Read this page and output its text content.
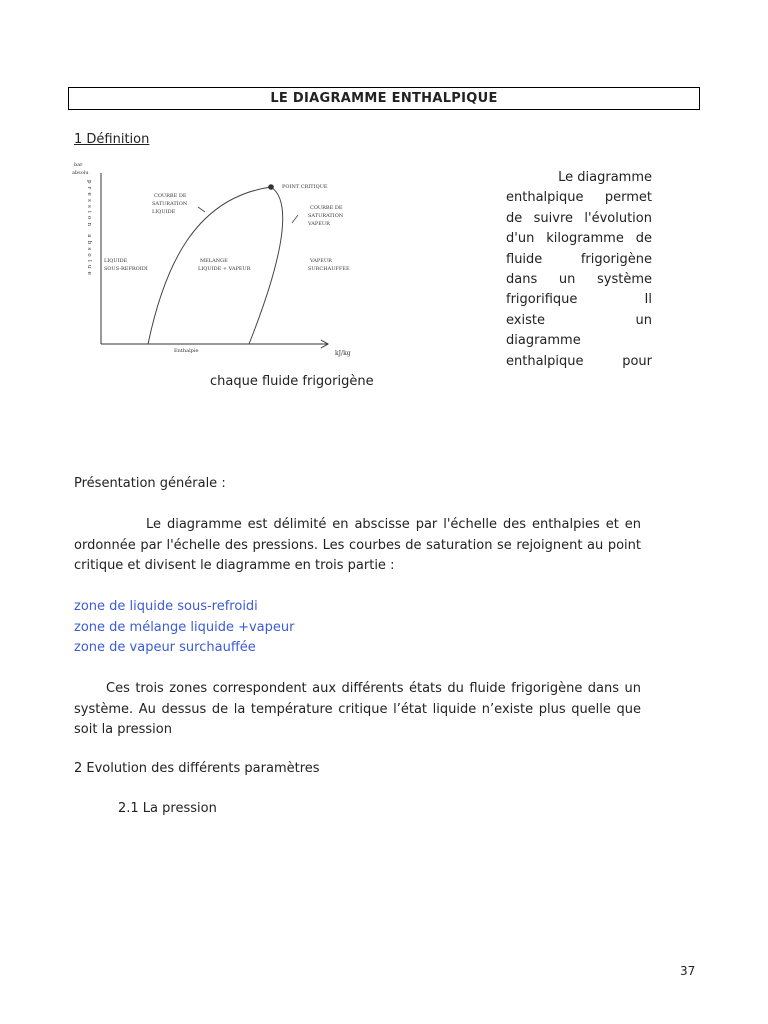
LE DIAGRAMME ENTHALPIQUE
1 Définition
bar
absolu
pression absolue
Enthalpie	kJ/kg
POINT CRITIQUE
COURBE DE
SATURATION
LIQUIDE
COURBE DE
SATURATION
VAPEUR
LIQUIDE
SOUS-REFROIDI
MELANGE
LIQUIDE + VAPEUR
VAPEUR
SURCHAUFFEE
Le diagramme
enthalpique permet
de suivre l'évolution
d'un kilogramme de
fluide	frigorigène
dans un système
frigorifique	Il
existe	un
diagramme
enthalpique	pour
chaque fluide frigorigène
Présentation générale :
Le diagramme est délimité en abscisse par l'échelle des enthalpies et en ordonnée par l'échelle des pressions. Les courbes de saturation se rejoignent au point critique et divisent le diagramme en trois partie :
zone de liquide sous-refroidi
zone de mélange liquide +vapeur
zone de vapeur surchauffée
Ces trois zones correspondent aux différents états du fluide frigorigène dans un système. Au dessus de la température critique l’état liquide n’existe plus quelle que soit la pression
2 Evolution des différents paramètres
2.1 La pression
37
